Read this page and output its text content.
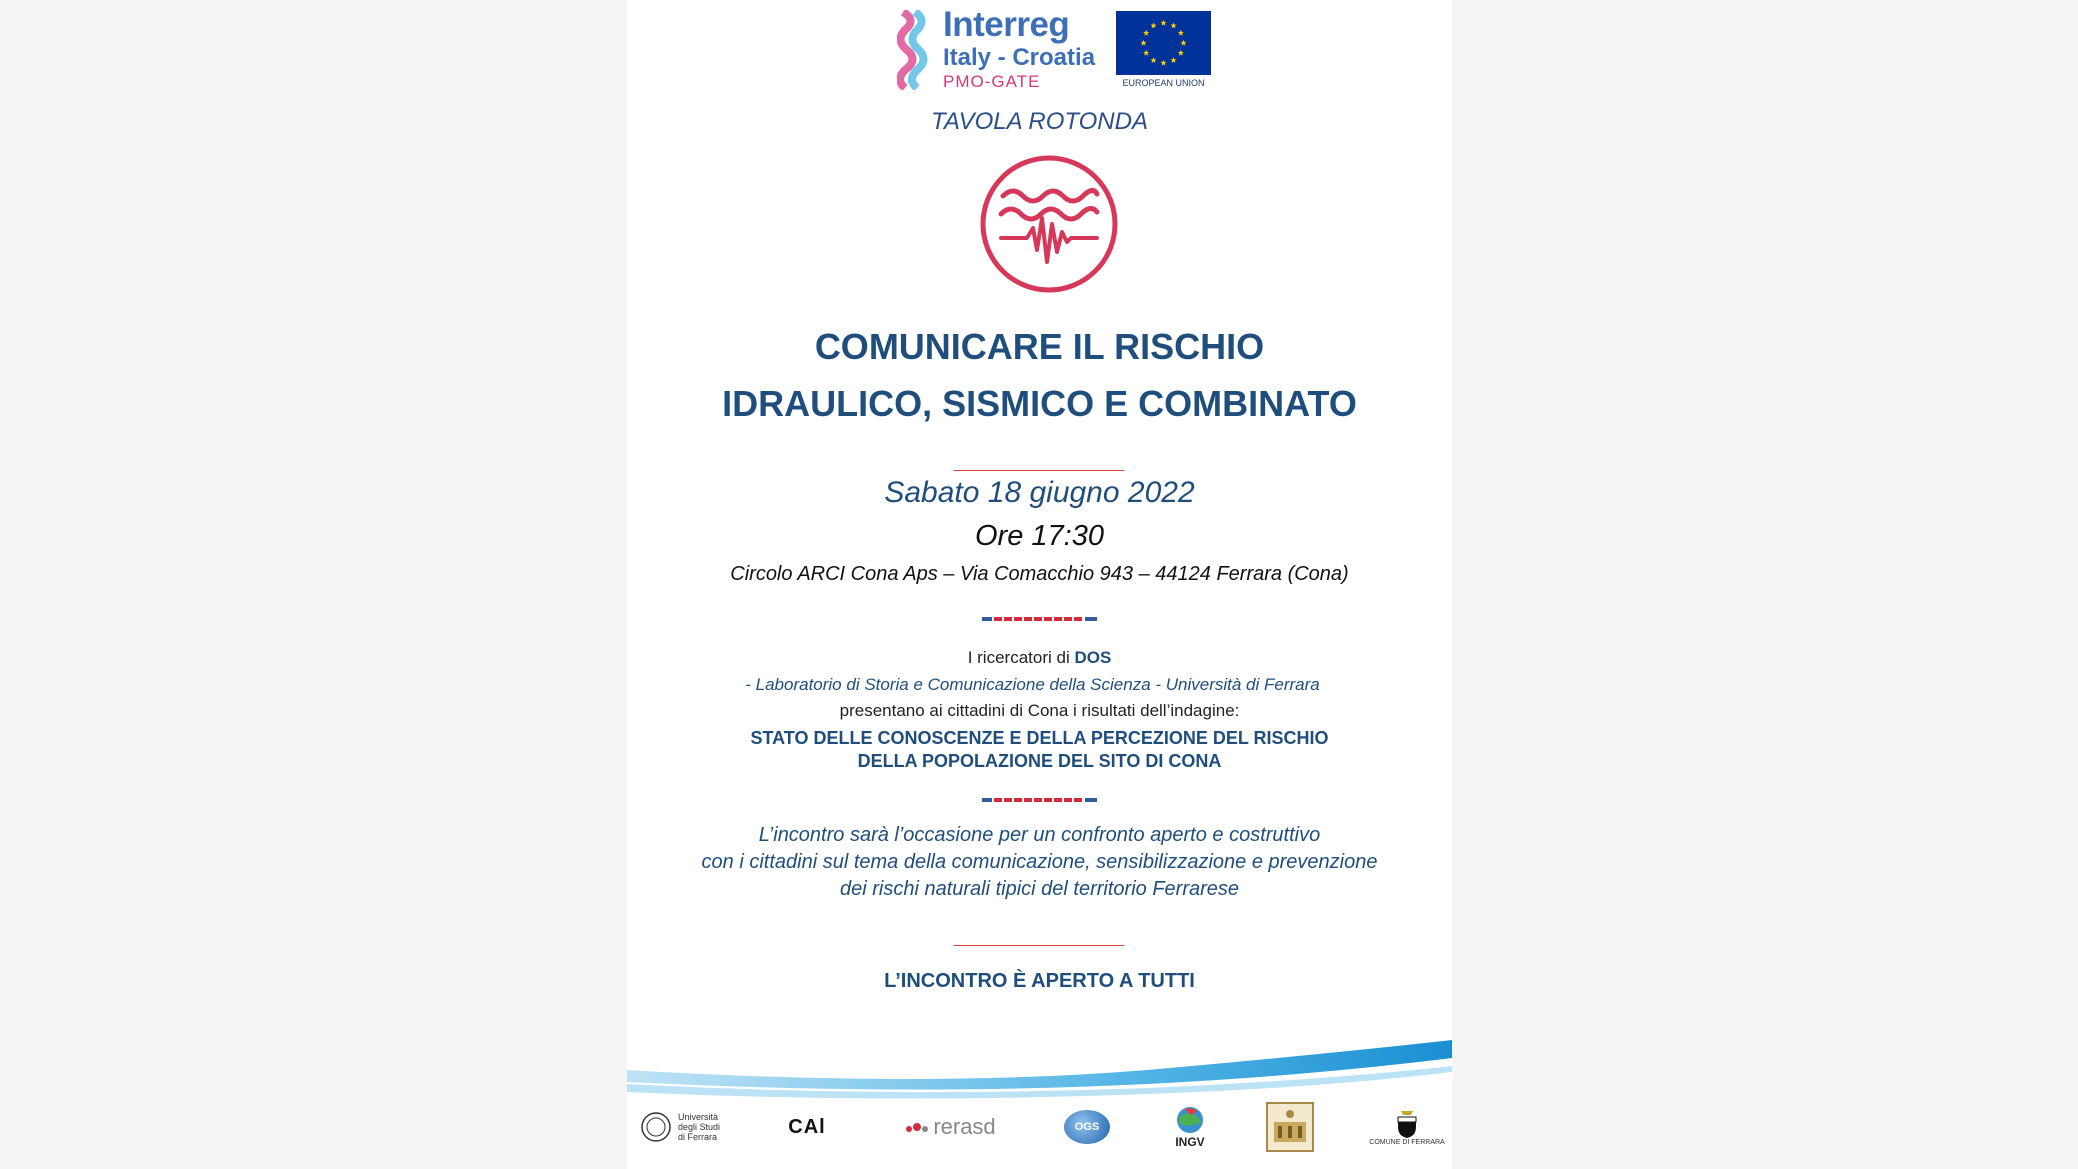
Interreg
Italy - Croatia
PMO-GATE	EUROPEAN UNION
TAVOLA ROTONDA
COMUNICARE IL RISCHIO
IDRAULICO, SISMICO E COMBINATO
Sabato 18 giugno 2022
Ore 17:30
Circolo ARCI Cona Aps – Via Comacchio 943 – 44124 Ferrara (Cona)
I ricercatori di DOS
- Laboratorio di Storia e Comunicazione della Scienza - Università di Ferrara
presentano ai cittadini di Cona i risultati dell’indagine:
STATO DELLE CONOSCENZE E DELLA PERCEZIONE DEL RISCHIO
DELLA POPOLAZIONE DEL SITO DI CONA
L’incontro sarà l’occasione per un confronto aperto e costruttivo
con i cittadini sul tema della comunicazione, sensibilizzazione e prevenzione
dei rischi naturali tipici del territorio Ferrarese
L’INCONTRO È APERTO A TUTTI
Università
degli Studi
di Ferrara	CAl	rerasd	OGS
INGV	COMUNE DI FERRARA
